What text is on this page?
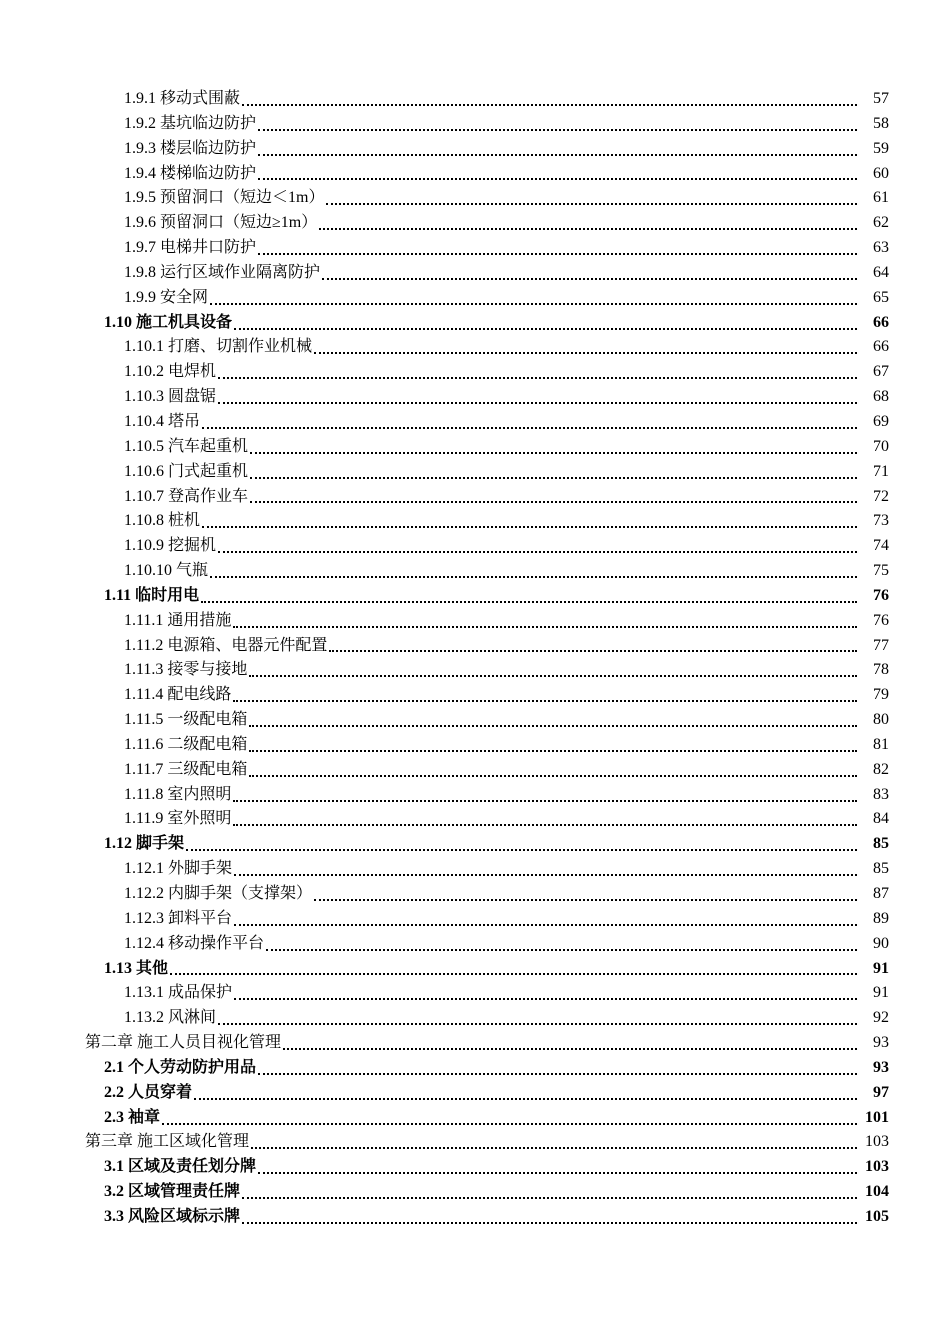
1.9.1 移动式围蔽	57
1.9.2 基坑临边防护	58
1.9.3 楼层临边防护	59
1.9.4 楼梯临边防护	60
1.9.5 预留洞口（短边＜1m）	61
1.9.6 预留洞口（短边≥1m）	62
1.9.7 电梯井口防护	63
1.9.8 运行区域作业隔离防护	64
1.9.9 安全网	65
1.10 施工机具设备	66
1.10.1 打磨、切割作业机械	66
1.10.2 电焊机	67
1.10.3 圆盘锯	68
1.10.4 塔吊	69
1.10.5 汽车起重机	70
1.10.6 门式起重机	71
1.10.7 登高作业车	72
1.10.8 桩机	73
1.10.9 挖掘机	74
1.10.10 气瓶	75
1.11 临时用电	76
1.11.1 通用措施	76
1.11.2 电源箱、电器元件配置	77
1.11.3 接零与接地	78
1.11.4 配电线路	79
1.11.5 一级配电箱	80
1.11.6 二级配电箱	81
1.11.7 三级配电箱	82
1.11.8 室内照明	83
1.11.9 室外照明	84
1.12 脚手架	85
1.12.1 外脚手架	85
1.12.2 内脚手架（支撑架）	87
1.12.3 卸料平台	89
1.12.4 移动操作平台	90
1.13 其他	91
1.13.1 成品保护	91
1.13.2 风淋间	92
第二章 施工人员目视化管理	93
2.1 个人劳动防护用品	93
2.2 人员穿着	97
2.3 袖章	101
第三章 施工区域化管理	103
3.1 区域及责任划分牌	103
3.2 区域管理责任牌	104
3.3 风险区域标示牌	105
